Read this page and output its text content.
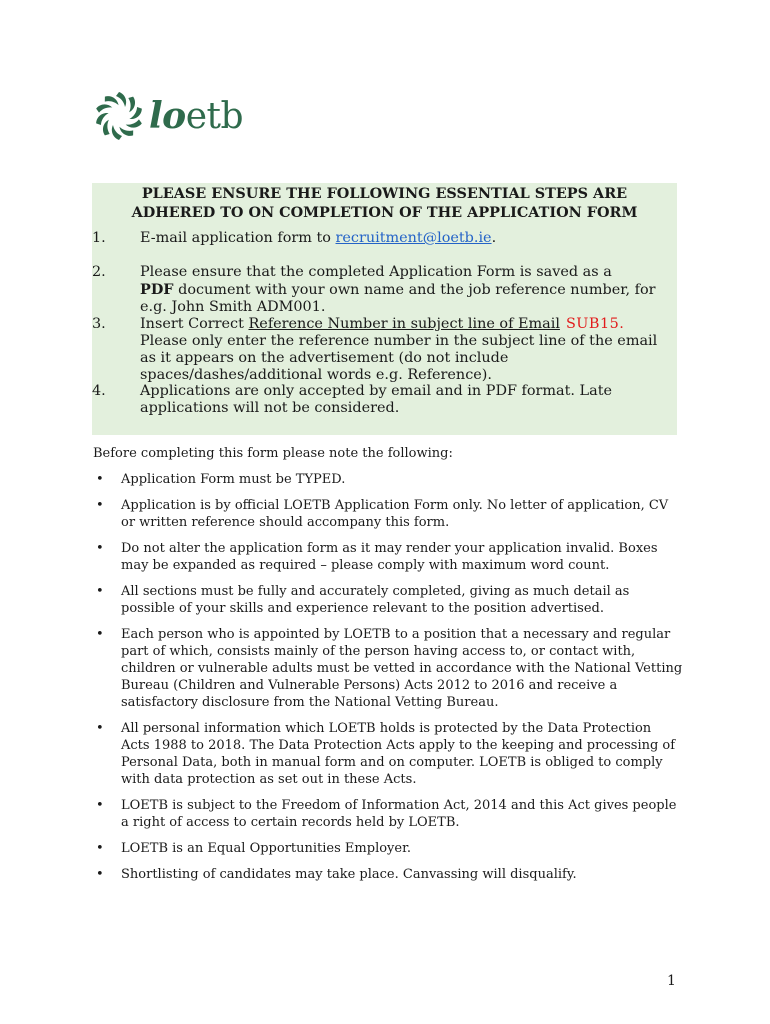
loetb
PLEASE ENSURE THE FOLLOWING ESSENTIAL STEPS ARE
ADHERED TO ON COMPLETION OF THE APPLICATION FORM
1. E-mail application form to recruitment@loetb.ie.
2. Please ensure that the completed Application Form is saved as a
PDF document with your own name and the job reference number, for e.g. John Smith ADM001.
3. Insert Correct Reference Number in subject line of Email SUB15.
Please only enter the reference number in the subject line of the email as it appears on the advertisement (do not include spaces/dashes/additional words e.g. Reference).
4. Applications are only accepted by email and in PDF format. Late applications will not be considered.
Before completing this form please note the following:
• Application Form must be TYPED.
• Application is by official LOETB Application Form only. No letter of application, CV or written reference should accompany this form.
• Do not alter the application form as it may render your application invalid. Boxes may be expanded as required – please comply with maximum word count.
• All sections must be fully and accurately completed, giving as much detail as possible of your skills and experience relevant to the position advertised.
• Each person who is appointed by LOETB to a position that a necessary and regular part of which, consists mainly of the person having access to, or contact with, children or vulnerable adults must be vetted in accordance with the National Vetting Bureau (Children and Vulnerable Persons) Acts 2012 to 2016 and receive a satisfactory disclosure from the National Vetting Bureau.
• All personal information which LOETB holds is protected by the Data Protection Acts 1988 to 2018. The Data Protection Acts apply to the keeping and processing of Personal Data, both in manual form and on computer. LOETB is obliged to comply with data protection as set out in these Acts.
• LOETB is subject to the Freedom of Information Act, 2014 and this Act gives people a right of access to certain records held by LOETB.
• LOETB is an Equal Opportunities Employer.
• Shortlisting of candidates may take place. Canvassing will disqualify.
1
